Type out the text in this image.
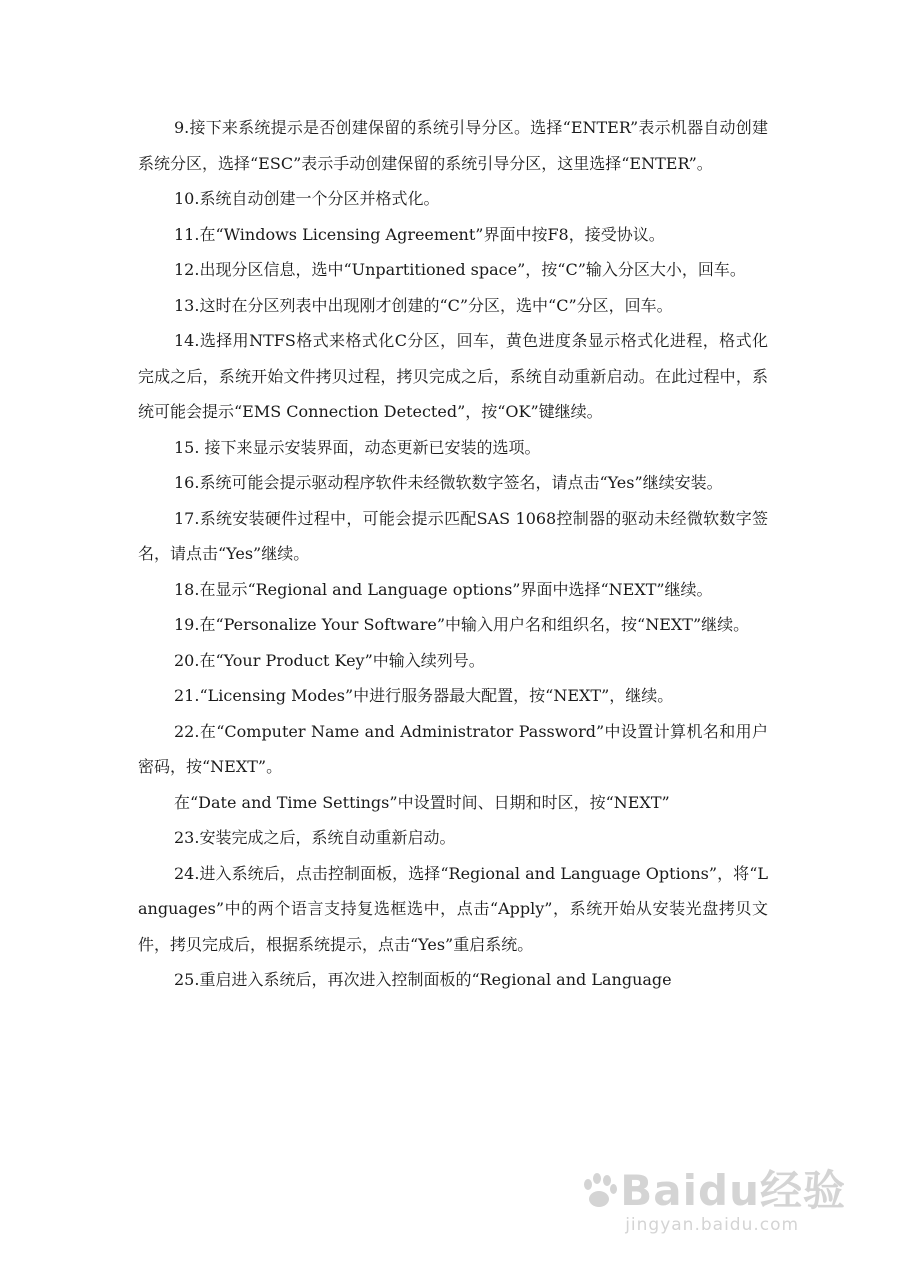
9.接下来系统提示是否创建保留的系统引导分区。选择“ENTER”表示机器自动创建系统分区，选择“ESC”表示手动创建保留的系统引导分区，这里选择“ENTER”。

10.系统自动创建一个分区并格式化。

11.在“Windows Licensing Agreement”界面中按F8，接受协议。

12.出现分区信息，选中“Unpartitioned space”，按“C”输入分区大小，回车。

13.这时在分区列表中出现刚才创建的“C”分区，选中“C”分区，回车。

14.选择用NTFS格式来格式化C分区，回车，黄色进度条显示格式化进程，格式化完成之后，系统开始文件拷贝过程，拷贝完成之后，系统自动重新启动。在此过程中，系统可能会提示“EMS Connection Detected”，按“OK”键继续。

15. 接下来显示安装界面，动态更新已安装的选项。

16.系统可能会提示驱动程序软件未经微软数字签名，请点击“Yes”继续安装。

17.系统安装硬件过程中，可能会提示匹配SAS 1068控制器的驱动未经微软数字签名，请点击“Yes”继续。

18.在显示“Regional and Language options”界面中选择“NEXT”继续。

19.在“Personalize Your Software”中输入用户名和组织名，按“NEXT”继续。

20.在“Your Product Key”中输入续列号。

21.“Licensing Modes”中进行服务器最大配置，按“NEXT”，继续。

22.在“Computer Name and Administrator Password”中设置计算机名和用户密码，按“NEXT”。

在“Date and Time Settings”中设置时间、日期和时区，按“NEXT”

23.安装完成之后，系统自动重新启动。

24.进入系统后，点击控制面板，选择“Regional and Language Options”，将“Languages”中的两个语言支持复选框选中，点击“Apply”，系统开始从安装光盘拷贝文件，拷贝完成后，根据系统提示，点击“Yes”重启系统。

25.重启进入系统后，再次进入控制面板的“Regional and Language

Baidu经验
jingyan.baidu.com
